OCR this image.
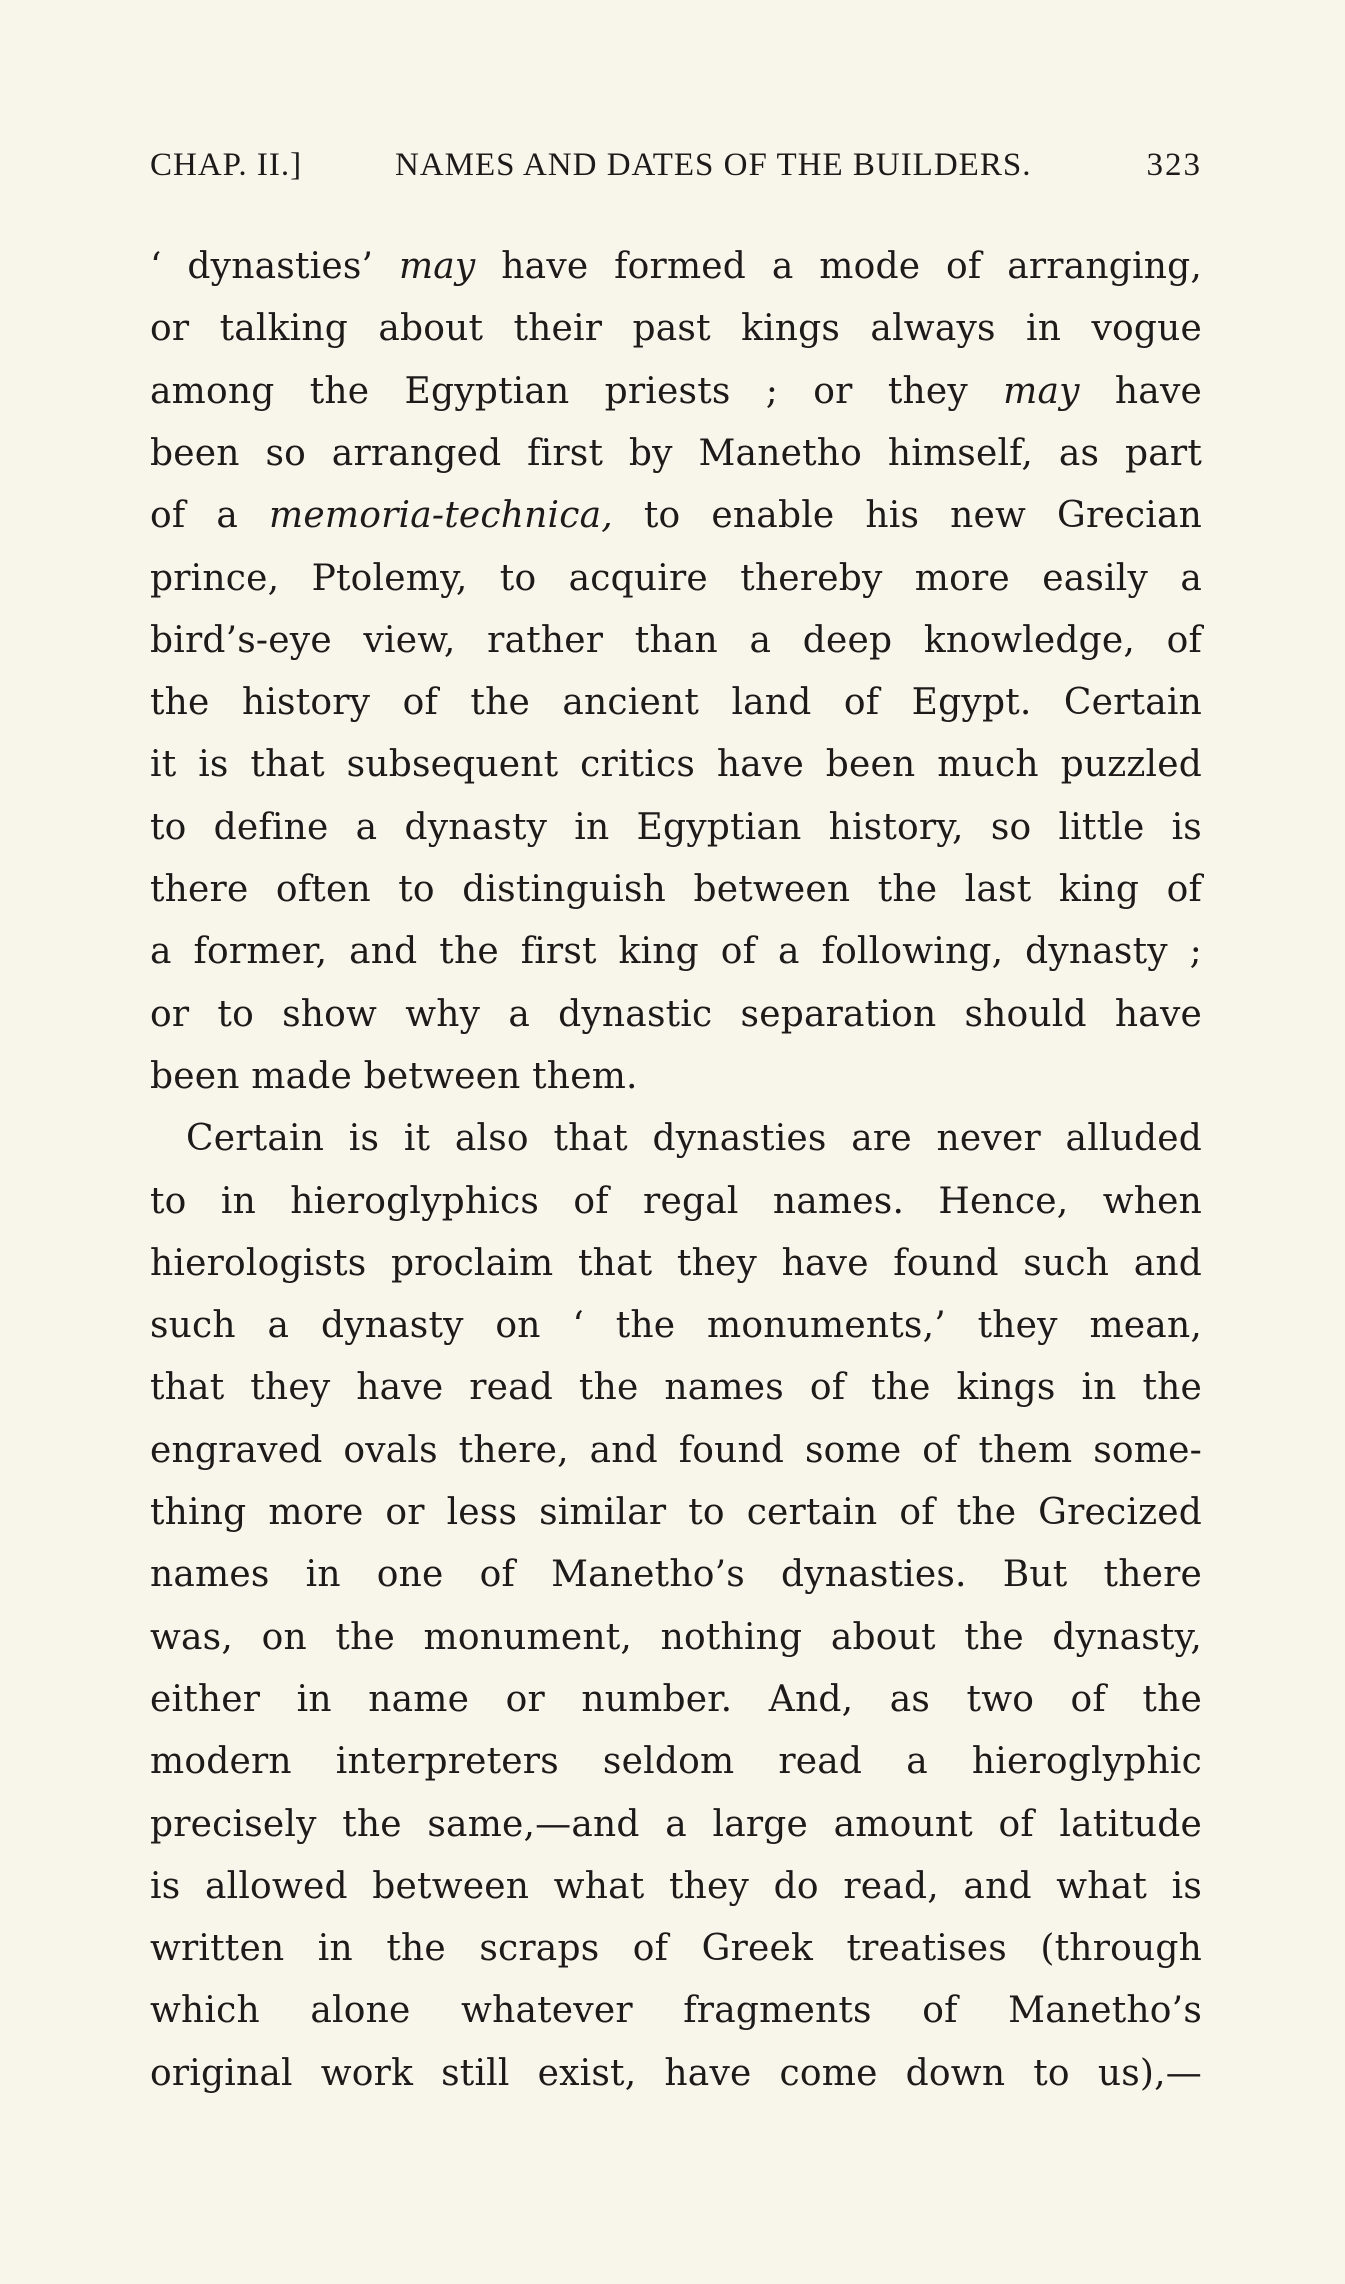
CHAP. II.]	NAMES AND DATES OF THE BUILDERS.	323
‘ dynasties’ may have formed a mode of arranging,
or talking about their past kings always in vogue
among the Egyptian priests ; or they may have
been so arranged first by Manetho himself, as part
of a memoria-technica, to enable his new Grecian
prince, Ptolemy, to acquire thereby more easily a
bird’s-eye view, rather than a deep knowledge, of
the history of the ancient land of Egypt. Certain
it is that subsequent critics have been much puzzled
to define a dynasty in Egyptian history, so little is
there often to distinguish between the last king of
a former, and the first king of a following, dynasty ;
or to show why a dynastic separation should have
been made between them.
Certain is it also that dynasties are never alluded
to in hieroglyphics of regal names. Hence, when
hierologists proclaim that they have found such and
such a dynasty on ‘ the monuments,’ they mean,
that they have read the names of the kings in the
engraved ovals there, and found some of them some-
thing more or less similar to certain of the Grecized
names in one of Manetho’s dynasties. But there
was, on the monument, nothing about the dynasty,
either in name or number. And, as two of the
modern interpreters seldom read a hieroglyphic
precisely the same,—and a large amount of latitude
is allowed between what they do read, and what is
written in the scraps of Greek treatises (through
which alone whatever fragments of Manetho’s
original work still exist, have come down to us),—
